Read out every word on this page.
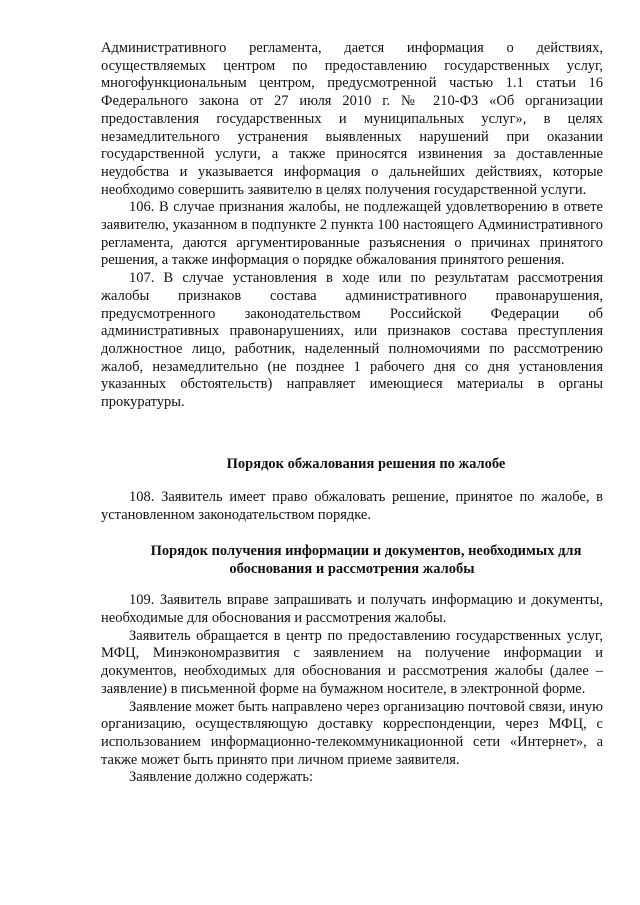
Административного регламента, дается информация о действиях, осуществляемых центром по предоставлению государственных услуг, многофункциональным центром, предусмотренной частью 1.1 статьи 16 Федерального закона от 27 июля 2010 г. № 210-ФЗ «Об организации предоставления государственных и муниципальных услуг», в целях незамедлительного устранения выявленных нарушений при оказании государственной услуги, а также приносятся извинения за доставленные неудобства и указывается информация о дальнейших действиях, которые необходимо совершить заявителю в целях получения государственной услуги.

106. В случае признания жалобы, не подлежащей удовлетворению в ответе заявителю, указанном в подпункте 2 пункта 100 настоящего Административного регламента, даются аргументированные разъяснения о причинах принятого решения, а также информация о порядке обжалования принятого решения.

107. В случае установления в ходе или по результатам рассмотрения жалобы признаков состава административного правонарушения, предусмотренного законодательством Российской Федерации об административных правонарушениях, или признаков состава преступления должностное лицо, работник, наделенный полномочиями по рассмотрению жалоб, незамедлительно (не позднее 1 рабочего дня со дня установления указанных обстоятельств) направляет имеющиеся материалы в органы прокуратуры.

Порядок обжалования решения по жалобе

108. Заявитель имеет право обжаловать решение, принятое по жалобе, в установленном законодательством порядке.

Порядок получения информации и документов, необходимых для обоснования и рассмотрения жалобы

109. Заявитель вправе запрашивать и получать информацию и документы, необходимые для обоснования и рассмотрения жалобы.

Заявитель обращается в центр по предоставлению государственных услуг, МФЦ, Минэкономразвития с заявлением на получение информации и документов, необходимых для обоснования и рассмотрения жалобы (далее – заявление) в письменной форме на бумажном носителе, в электронной форме.

Заявление может быть направлено через организацию почтовой связи, иную организацию, осуществляющую доставку корреспонденции, через МФЦ, с использованием информационно-телекоммуникационной сети «Интернет», а также может быть принято при личном приеме заявителя.

Заявление должно содержать:
